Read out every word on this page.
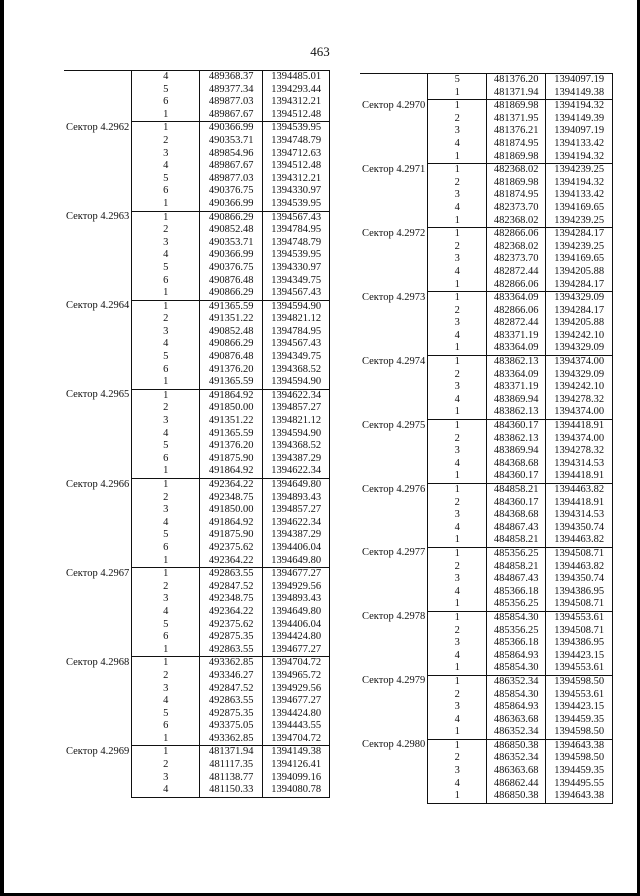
463
	4	489368.37	1394485.01
	5	489377.34	1394293.44
	6	489877.03	1394312.21
	1	489867.67	1394512.48
Сектор 4.2962	1	490366.99	1394539.95
	2	490353.71	1394748.79
	3	489854.96	1394712.63
	4	489867.67	1394512.48
	5	489877.03	1394312.21
	6	490376.75	1394330.97
	1	490366.99	1394539.95
Сектор 4.2963	1	490866.29	1394567.43
	2	490852.48	1394784.95
	3	490353.71	1394748.79
	4	490366.99	1394539.95
	5	490376.75	1394330.97
	6	490876.48	1394349.75
	1	490866.29	1394567.43
Сектор 4.2964	1	491365.59	1394594.90
	2	491351.22	1394821.12
	3	490852.48	1394784.95
	4	490866.29	1394567.43
	5	490876.48	1394349.75
	6	491376.20	1394368.52
	1	491365.59	1394594.90
Сектор 4.2965	1	491864.92	1394622.34
	2	491850.00	1394857.27
	3	491351.22	1394821.12
	4	491365.59	1394594.90
	5	491376.20	1394368.52
	6	491875.90	1394387.29
	1	491864.92	1394622.34
Сектор 4.2966	1	492364.22	1394649.80
	2	492348.75	1394893.43
	3	491850.00	1394857.27
	4	491864.92	1394622.34
	5	491875.90	1394387.29
	6	492375.62	1394406.04
	1	492364.22	1394649.80
Сектор 4.2967	1	492863.55	1394677.27
	2	492847.52	1394929.56
	3	492348.75	1394893.43
	4	492364.22	1394649.80
	5	492375.62	1394406.04
	6	492875.35	1394424.80
	1	492863.55	1394677.27
Сектор 4.2968	1	493362.85	1394704.72
	2	493346.27	1394965.72
	3	492847.52	1394929.56
	4	492863.55	1394677.27
	5	492875.35	1394424.80
	6	493375.05	1394443.55
	1	493362.85	1394704.72
Сектор 4.2969	1	481371.94	1394149.38
	2	481117.35	1394126.41
	3	481138.77	1394099.16
	4	481150.33	1394080.78
	5	481376.20	1394097.19
	1	481371.94	1394149.38
Сектор 4.2970	1	481869.98	1394194.32
	2	481371.95	1394149.39
	3	481376.21	1394097.19
	4	481874.95	1394133.42
	1	481869.98	1394194.32
Сектор 4.2971	1	482368.02	1394239.25
	2	481869.98	1394194.32
	3	481874.95	1394133.42
	4	482373.70	1394169.65
	1	482368.02	1394239.25
Сектор 4.2972	1	482866.06	1394284.17
	2	482368.02	1394239.25
	3	482373.70	1394169.65
	4	482872.44	1394205.88
	1	482866.06	1394284.17
Сектор 4.2973	1	483364.09	1394329.09
	2	482866.06	1394284.17
	3	482872.44	1394205.88
	4	483371.19	1394242.10
	1	483364.09	1394329.09
Сектор 4.2974	1	483862.13	1394374.00
	2	483364.09	1394329.09
	3	483371.19	1394242.10
	4	483869.94	1394278.32
	1	483862.13	1394374.00
Сектор 4.2975	1	484360.17	1394418.91
	2	483862.13	1394374.00
	3	483869.94	1394278.32
	4	484368.68	1394314.53
	1	484360.17	1394418.91
Сектор 4.2976	1	484858.21	1394463.82
	2	484360.17	1394418.91
	3	484368.68	1394314.53
	4	484867.43	1394350.74
	1	484858.21	1394463.82
Сектор 4.2977	1	485356.25	1394508.71
	2	484858.21	1394463.82
	3	484867.43	1394350.74
	4	485366.18	1394386.95
	1	485356.25	1394508.71
Сектор 4.2978	1	485854.30	1394553.61
	2	485356.25	1394508.71
	3	485366.18	1394386.95
	4	485864.93	1394423.15
	1	485854.30	1394553.61
Сектор 4.2979	1	486352.34	1394598.50
	2	485854.30	1394553.61
	3	485864.93	1394423.15
	4	486363.68	1394459.35
	1	486352.34	1394598.50
Сектор 4.2980	1	486850.38	1394643.38
	2	486352.34	1394598.50
	3	486363.68	1394459.35
	4	486862.44	1394495.55
	1	486850.38	1394643.38
